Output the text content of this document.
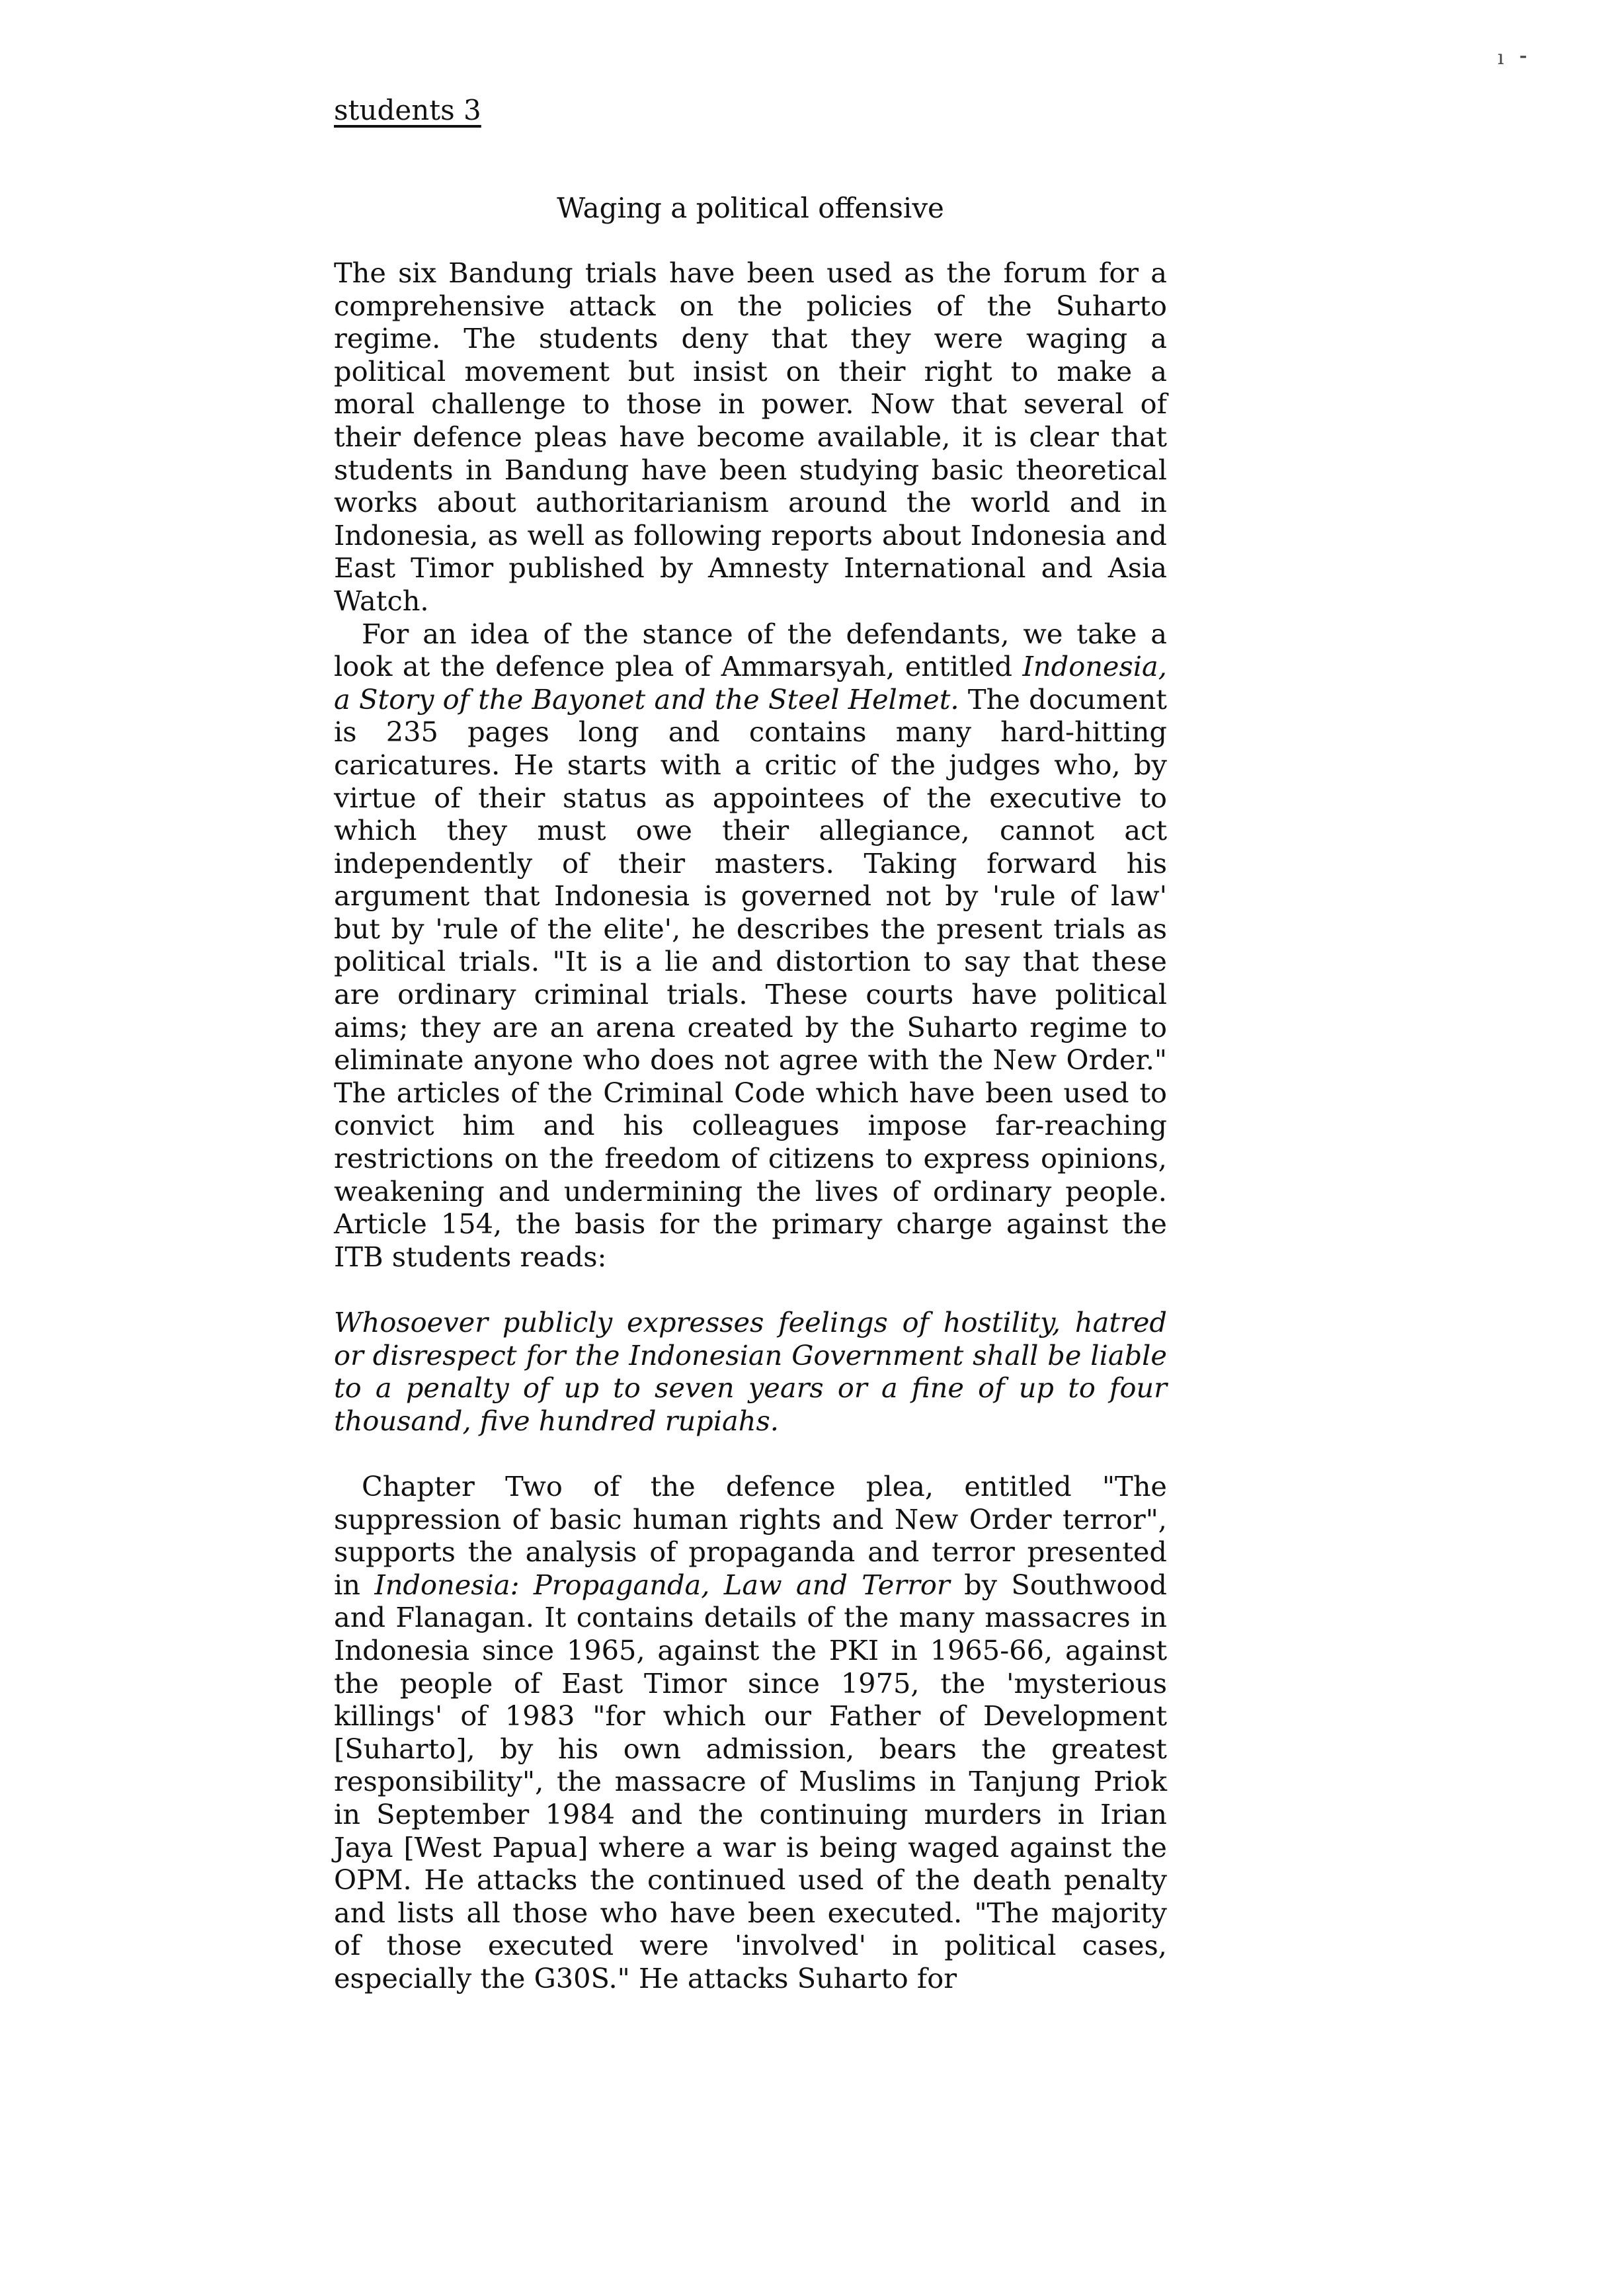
ı ⁃
students 3
Waging a political offensive

The six Bandung trials have been used as the forum for a comprehensive attack on the policies of the Suharto regime. The students deny that they were waging a political movement but insist on their right to make a moral challenge to those in power. Now that several of their defence pleas have become available, it is clear that students in Bandung have been studying basic theoretical works about authoritarianism around the world and in Indonesia, as well as following reports about Indonesia and East Timor published by Amnesty International and Asia Watch.

For an idea of the stance of the defendants, we take a look at the defence plea of Ammarsyah, entitled Indonesia, a Story of the Bayonet and the Steel Helmet. The document is 235 pages long and contains many hard-hitting caricatures. He starts with a critic of the judges who, by virtue of their status as appointees of the executive to which they must owe their allegiance, cannot act independently of their masters. Taking forward his argument that Indonesia is governed not by 'rule of law' but by 'rule of the elite', he describes the present trials as political trials. "It is a lie and distortion to say that these are ordinary criminal trials. These courts have political aims; they are an arena created by the Suharto regime to eliminate anyone who does not agree with the New Order." The articles of the Criminal Code which have been used to convict him and his colleagues impose far-reaching restrictions on the freedom of citizens to express opinions, weakening and undermining the lives of ordinary people. Article 154, the basis for the primary charge against the ITB students reads:

Whosoever publicly expresses feelings of hostility, hatred or disrespect for the Indonesian Government shall be liable to a penalty of up to seven years or a fine of up to four thousand, five hundred rupiahs.

Chapter Two of the defence plea, entitled "The suppression of basic human rights and New Order terror", supports the analysis of propaganda and terror presented in Indonesia: Propaganda, Law and Terror by Southwood and Flanagan. It contains details of the many massacres in Indonesia since 1965, against the PKI in 1965-66, against the people of East Timor since 1975, the 'mysterious killings' of 1983 "for which our Father of Development [Suharto], by his own admission, bears the greatest responsibility", the massacre of Muslims in Tanjung Priok in September 1984 and the continuing murders in Irian Jaya [West Papua] where a war is being waged against the OPM. He attacks the continued used of the death penalty and lists all those who have been executed. "The majority of those executed were 'involved' in political cases, especially the G30S." He attacks Suharto for
